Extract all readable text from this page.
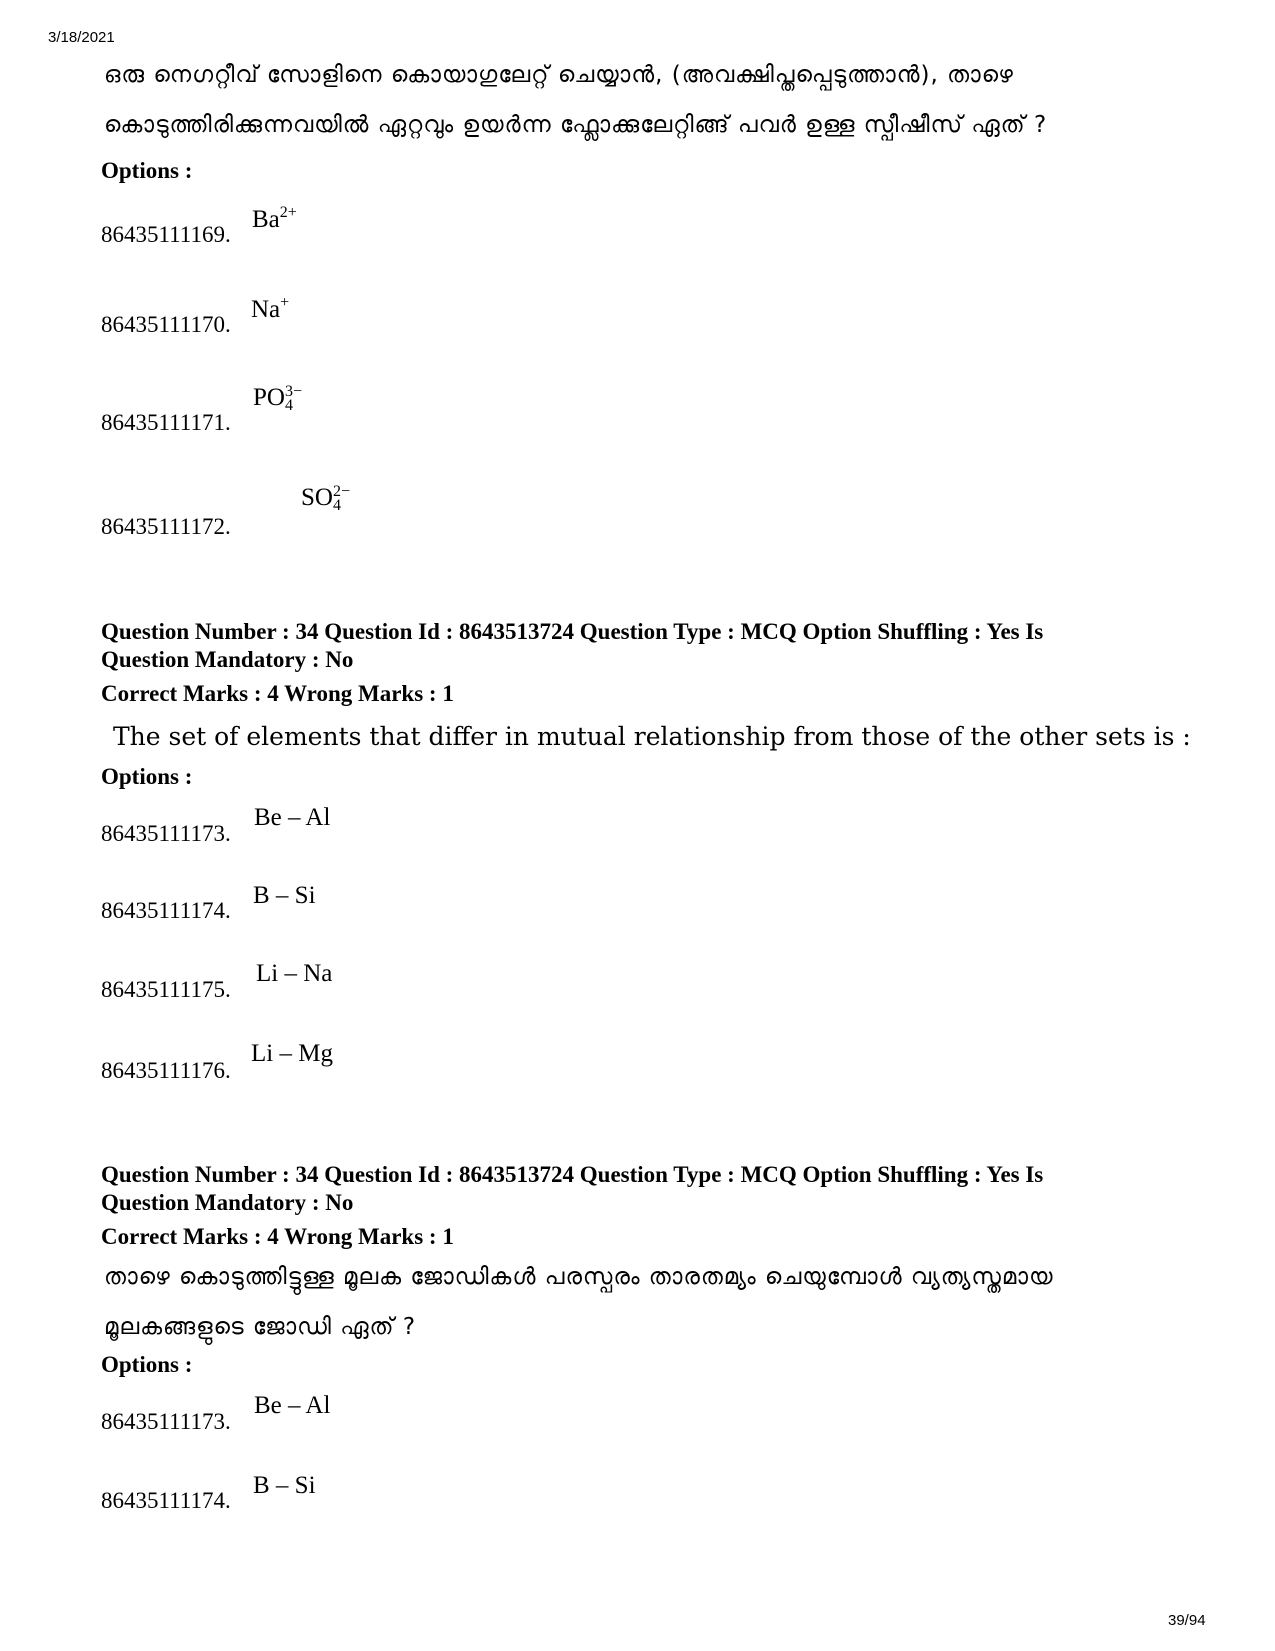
3/18/2021
39/94
ഒരു നെഗറ്റീവ് സോളിനെ കൊയാഗുലേറ്റ് ചെയ്യാൻ, (അവക്ഷിപ്തപ്പെടുത്താൻ), താഴെ
കൊടുത്തിരിക്കുന്നവയിൽ ഏറ്റവും ഉയർന്ന ഫ്ലോക്കുലേറ്റിങ്ങ് പവർ ഉള്ള സ്പീഷീസ് ഏത് ?
Options :
86435111169.
$Ba^{2+}$
86435111170.
Na+
86435111171.
PO 3−
4

86435111172.
SO 2−
4
Question Number : 34 Question Id : 8643513724 Question Type : MCQ Option Shuffling : Yes Is
Question Mandatory : No
Correct Marks : 4 Wrong Marks : 1
The set of elements that differ in mutual relationship from those of the other sets is :
Options :
86435111173.
Be – Al
86435111174.
B – Si
86435111175.
Li – Na
86435111176.
Li – Mg
Question Number : 34 Question Id : 8643513724 Question Type : MCQ Option Shuffling : Yes Is
Question Mandatory : No
Correct Marks : 4 Wrong Marks : 1
താഴെ കൊടുത്തിട്ടുള്ള മൂലക ജോഡികൾ പരസ്പരം താരതമ്യം ചെയുമ്പോൾ വ്യത്യസ്തമായ
മൂലകങ്ങളുടെ ജോഡി ഏത് ?
Options :
86435111173.
Be – Al
86435111174.
B – Si
